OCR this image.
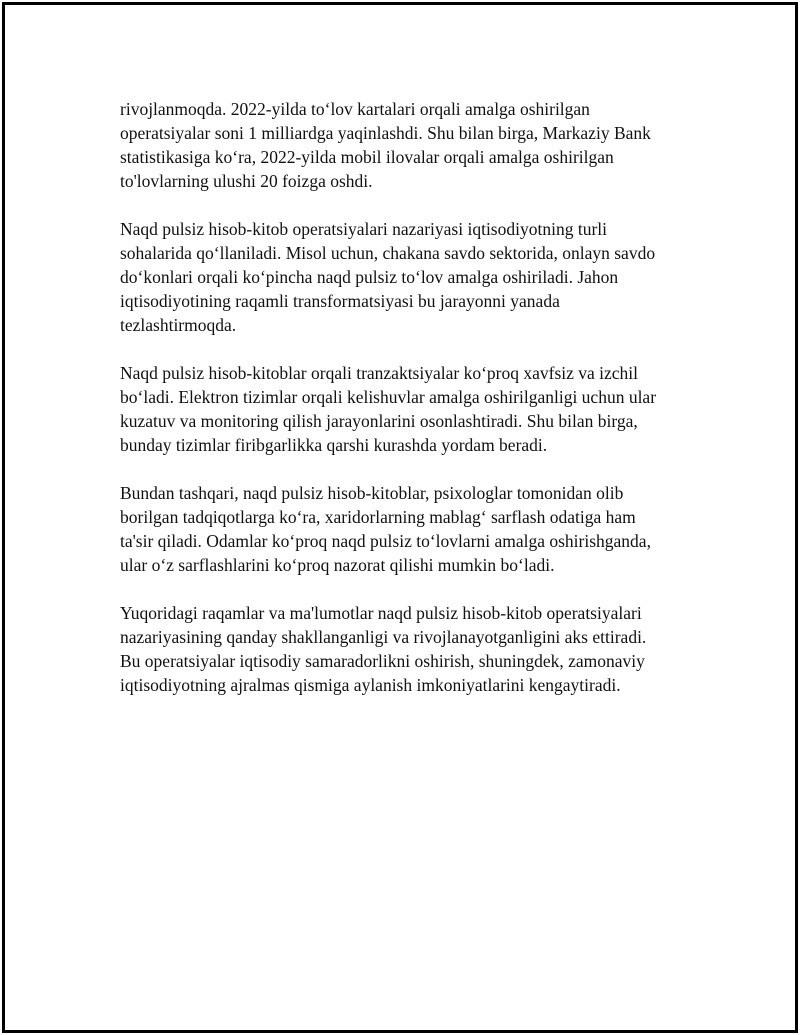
rivojlanmoqda. 2022-yilda to‘lov kartalari orqali amalga oshirilgan
operatsiyalar soni 1 milliardga yaqinlashdi. Shu bilan birga, Markaziy Bank
statistikasiga ko‘ra, 2022-yilda mobil ilovalar orqali amalga oshirilgan
to'lovlarning ulushi 20 foizga oshdi.

Naqd pulsiz hisob-kitob operatsiyalari nazariyasi iqtisodiyotning turli
sohalarida qo‘llaniladi. Misol uchun, chakana savdo sektorida, onlayn savdo
do‘konlari orqali ko‘pincha naqd pulsiz to‘lov amalga oshiriladi. Jahon
iqtisodiyotining raqamli transformatsiyasi bu jarayonni yanada
tezlashtirmoqda.

Naqd pulsiz hisob-kitoblar orqali tranzaktsiyalar ko‘proq xavfsiz va izchil
bo‘ladi. Elektron tizimlar orqali kelishuvlar amalga oshirilganligi uchun ular
kuzatuv va monitoring qilish jarayonlarini osonlashtiradi. Shu bilan birga,
bunday tizimlar firibgarlikka qarshi kurashda yordam beradi.

Bundan tashqari, naqd pulsiz hisob-kitoblar, psixologlar tomonidan olib
borilgan tadqiqotlarga ko‘ra, xaridorlarning mablag‘ sarflash odatiga ham
ta'sir qiladi. Odamlar ko‘proq naqd pulsiz to‘lovlarni amalga oshirishganda,
ular o‘z sarflashlarini ko‘proq nazorat qilishi mumkin bo‘ladi.

Yuqoridagi raqamlar va ma'lumotlar naqd pulsiz hisob-kitob operatsiyalari
nazariyasining qanday shakllanganligi va rivojlanayotganligini aks ettiradi.
Bu operatsiyalar iqtisodiy samaradorlikni oshirish, shuningdek, zamonaviy
iqtisodiyotning ajralmas qismiga aylanish imkoniyatlarini kengaytiradi.
